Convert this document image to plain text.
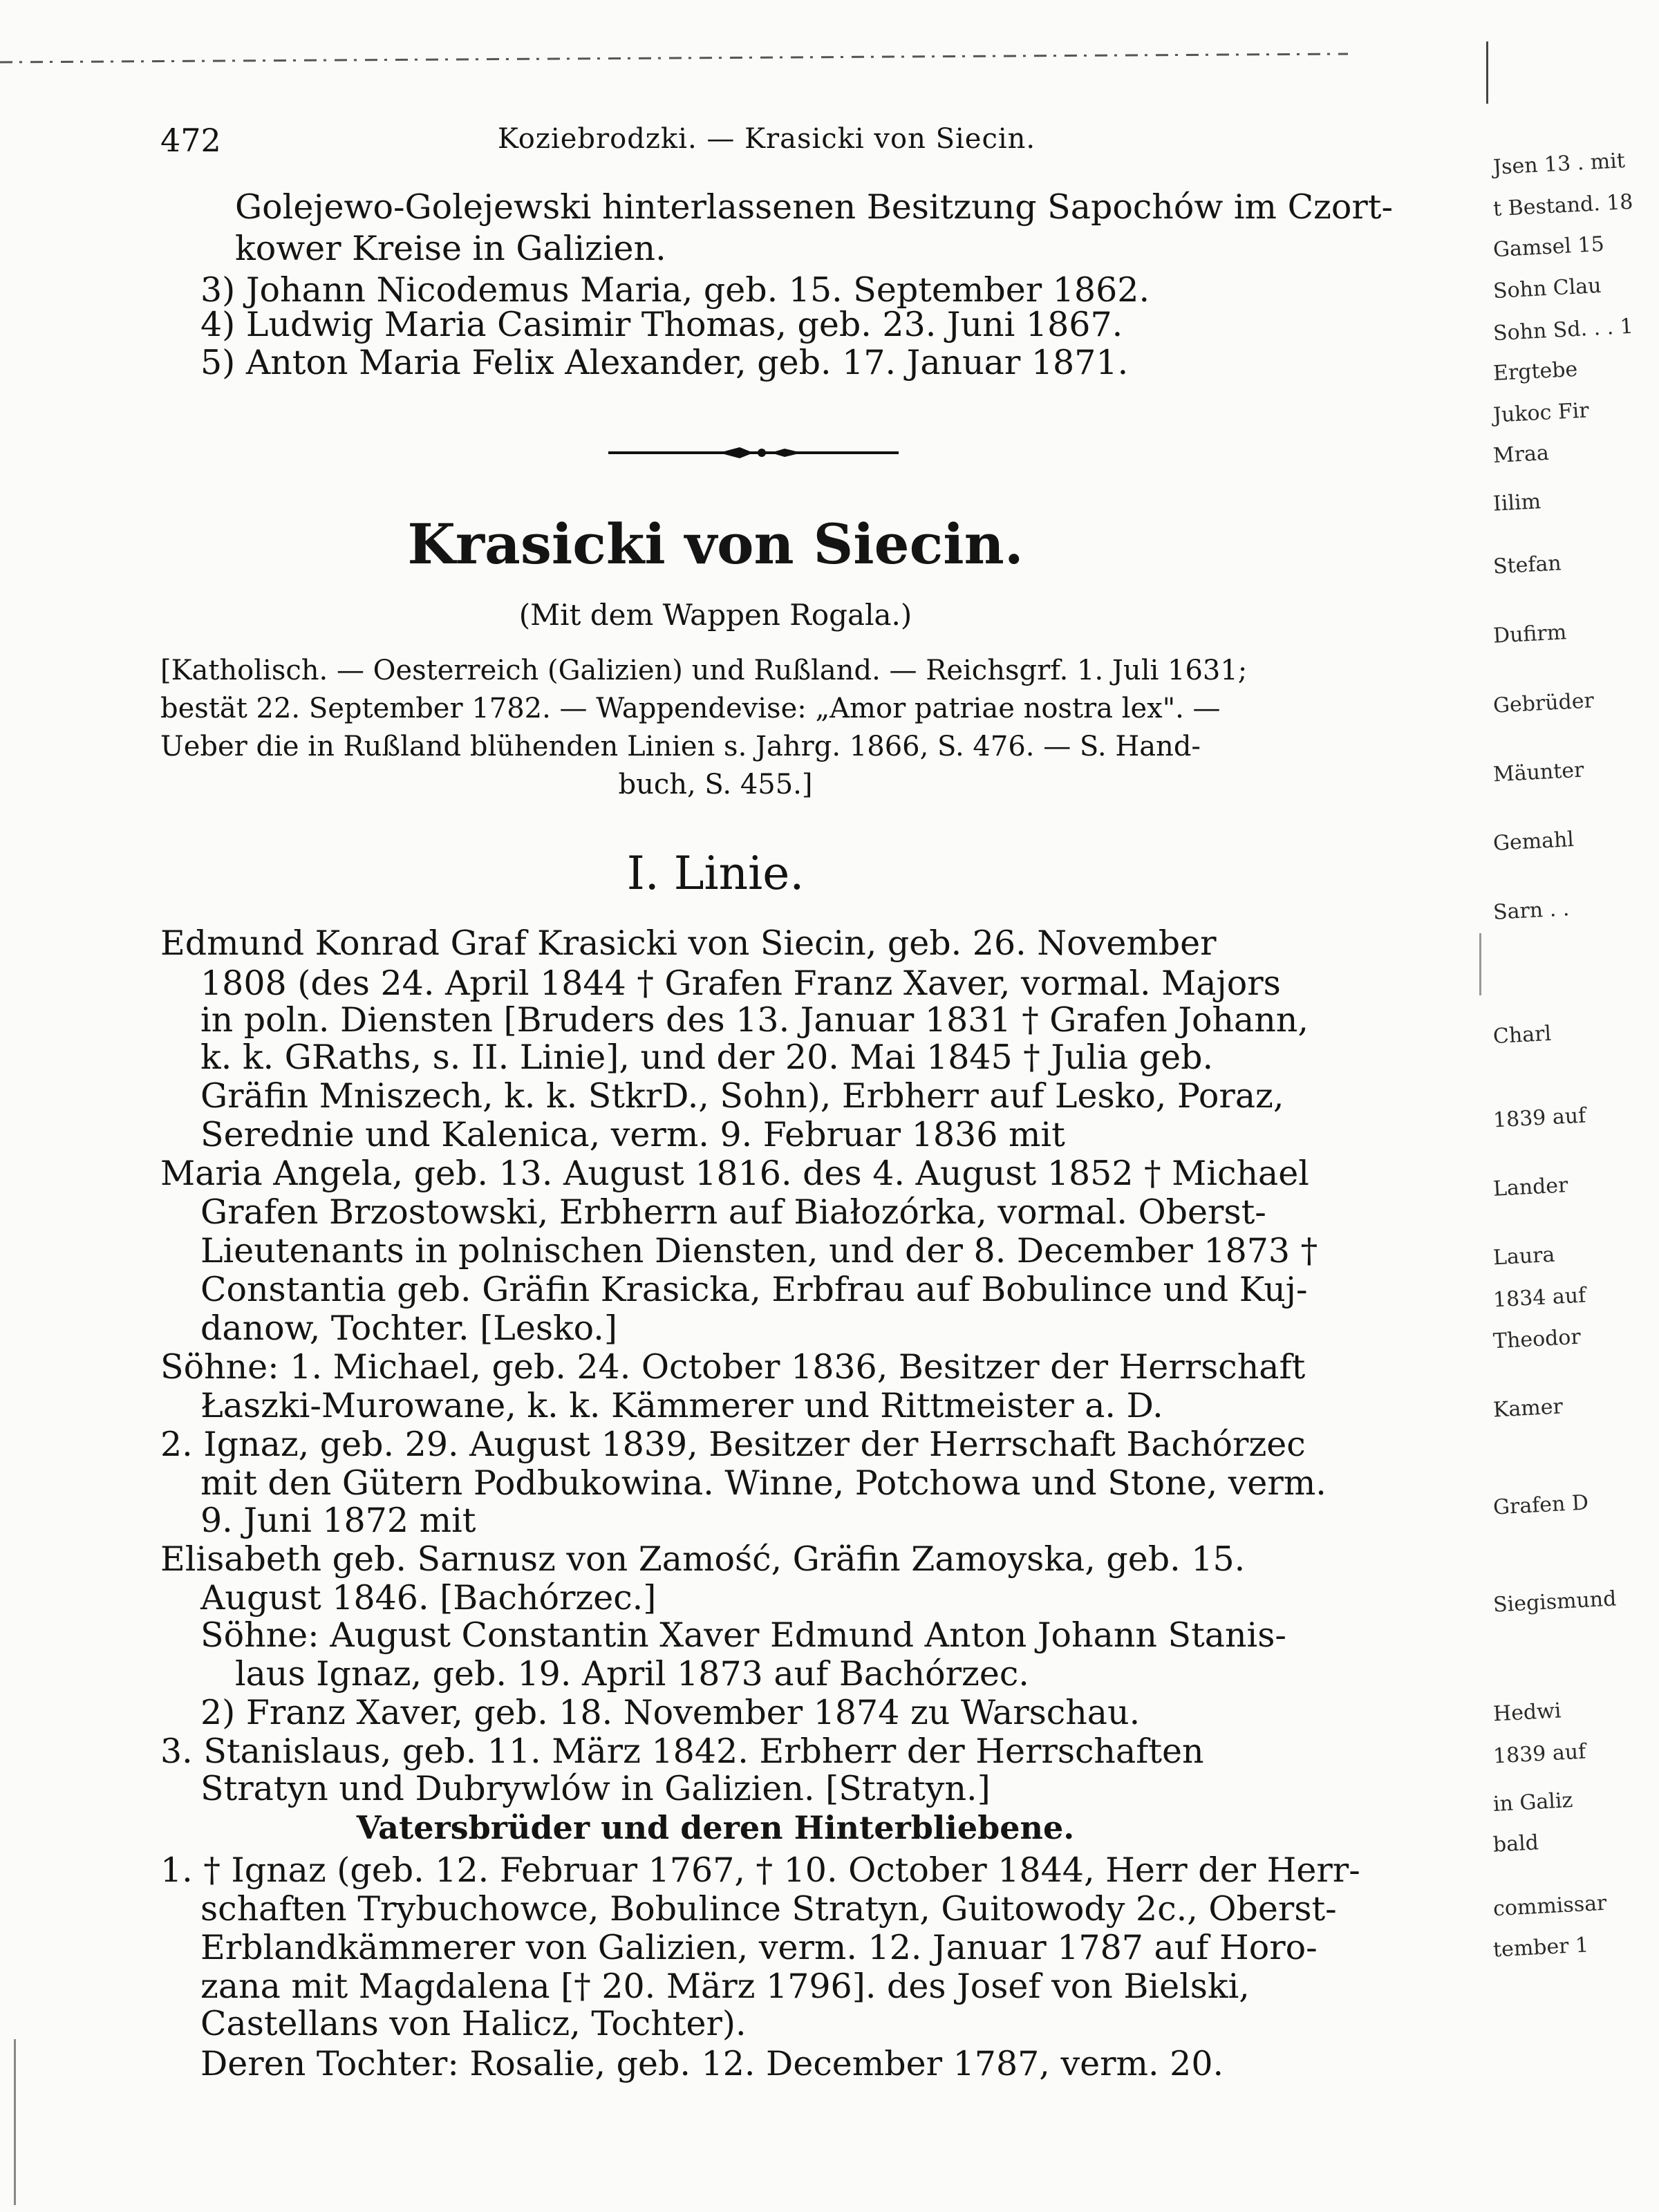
472	Koziebrodzki. — Krasicki von Siecin.
Golejewo-Golejewski hinterlassenen Besitzung Sapochów im Czort-
kower Kreise in Galizien.
3) Johann Nicodemus Maria, geb. 15. September 1862.
4) Ludwig Maria Casimir Thomas, geb. 23. Juni 1867.
5) Anton Maria Felix Alexander, geb. 17. Januar 1871.
Krasicki von Siecin.
(Mit dem Wappen Rogala.)
[Katholisch. — Oesterreich (Galizien) und Rußland. — Reichsgrf. 1. Juli 1631;
bestät 22. September 1782. — Wappendevise: „Amor patriae nostra lex". —
Ueber die in Rußland blühenden Linien s. Jahrg. 1866, S. 476. — S. Hand-
buch, S. 455.]
I. Linie.
Edmund Konrad Graf Krasicki von Siecin, geb. 26. November
1808 (des 24. April 1844 † Grafen Franz Xaver, vormal. Majors
in poln. Diensten [Bruders des 13. Januar 1831 † Grafen Johann,
k. k. GRaths, s. II. Linie], und der 20. Mai 1845 † Julia geb.
Gräfin Mniszech, k. k. StkrD., Sohn), Erbherr auf Lesko, Poraz,
Serednie und Kalenica, verm. 9. Februar 1836 mit
Maria Angela, geb. 13. August 1816. des 4. August 1852 † Michael
Grafen Brzostowski, Erbherrn auf Białozórka, vormal. Oberst-
Lieutenants in polnischen Diensten, und der 8. December 1873 †
Constantia geb. Gräfin Krasicka, Erbfrau auf Bobulince und Kuj-
danow, Tochter. [Lesko.]
Söhne: 1. Michael, geb. 24. October 1836, Besitzer der Herrschaft
Łaszki-Murowane, k. k. Kämmerer und Rittmeister a. D.
2. Ignaz, geb. 29. August 1839, Besitzer der Herrschaft Bachórzec
mit den Gütern Podbukowina. Winne, Potchowa und Stone, verm.
9. Juni 1872 mit
Elisabeth geb. Sarnusz von Zamość, Gräfin Zamoyska, geb. 15.
August 1846. [Bachórzec.]
Söhne: August Constantin Xaver Edmund Anton Johann Stanis-
laus Ignaz, geb. 19. April 1873 auf Bachórzec.
2) Franz Xaver, geb. 18. November 1874 zu Warschau.
3. Stanislaus, geb. 11. März 1842. Erbherr der Herrschaften
Stratyn und Dubrywlów in Galizien. [Stratyn.]
Vatersbrüder und deren Hinterbliebene.
1. † Ignaz (geb. 12. Februar 1767, † 10. October 1844, Herr der Herr-
schaften Trybuchowce, Bobulince Stratyn, Guitowody 2c., Oberst-
Erblandkämmerer von Galizien, verm. 12. Januar 1787 auf Horo-
zana mit Magdalena [† 20. März 1796]. des Josef von Bielski,
Castellans von Halicz, Tochter).
Deren Tochter: Rosalie, geb. 12. December 1787, verm. 20.
Jsen 13 . mit
t Bestand. 18
Gamsel 15
Sohn Clau
Sohn Sd. . . 1
Ergtebe
Jukoc Fir
Mraa
Iilim
Stefan
Dufirm
Gebrüder
Mäunter
Gemahl
Sarn . .
Charl
1839 auf
Lander
Laura
1834 auf
Theodor
Kamer
Grafen D
Siegismund
Hedwi
1839 auf
in Galiz
bald
commissar
tember 1
